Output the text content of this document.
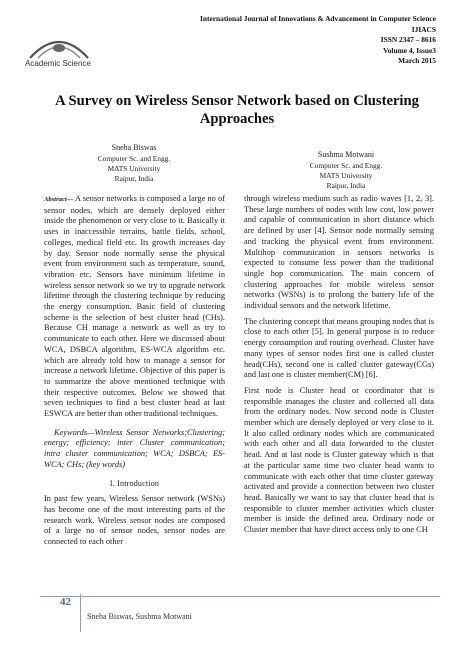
Academic Science
International Journal of Innovations & Advancement in Computer Science
IJIACS
ISSN 2347 – 8616
Volume 4, Issue3
March 2015
A Survey on Wireless Sensor Network based on Clustering Approaches
Sneha Biswas
Computer Sc. and Engg.
MATS University
Raipur, India
Sushma Motwani
Computer Sc. and Engg.
MATS University
Raipur, India

Abstract— A sensor networks is composed a large no of sensor nodes, which are densely deployed either inside the phenomenon or very close to it. Basically it uses in inaccessible terrains, battle fields, school, colleges, medical field etc. Its growth increases day by day. Sensor node normally sense the physical event from environment such as temperature, sound, vibration etc. Sensors have minimum lifetime in wireless sensor network so we try to upgrade network lifetime through the clustering technique by reducing the energy consumption. Basic field of clustering scheme is the selection of best cluster head (CHs). Because CH manage a network as well as try to communicate to each other. Here we discussed about WCA, DSBCA algorithm, ES-WCA algorithm etc. which are already told how to manage a sensor for increase a network lifetime. Objective of this paper is to summarize the above mentioned technique with their respective outcomes. Below we showed that seven techniques to find a best cluster head at last ESWCA are better than other traditional techniques.

Keywords—Wireless Sensor Networks;Clustering; energy; efficiency; inter Cluster communication; intra cluster communication; WCA; DSBCA; ES-WCA; CHs; (key words)

I. Introduction

In past few years, Wireless Sensor network (WSNs) has become one of the most interesting parts of the research work. Wireless sensor nodes are composed of a large no of sensor nodes, sensor nodes are connected to each other

through wireless medium such as radio waves [1, 2, 3]. These large numbers of nodes with low cost, low power and capable of communication in short distance which are defined by user [4]. Sensor node normally sensing and tracking the physical event from environment. Multihop communication in sensors networks is expected to consume less power than the traditional single hop communication. The main concern of clustering approaches for mobile wireless sensor networks (WSNs) is to prolong the battery life of the individual sensors and the network lifetime.

The clustering concept that means grouping nodes that is close to each other [5]. In general purpose is to reduce energy consumption and routing overhead. Cluster have many types of sensor nodes first one is called cluster head(CHs), second one is called cluster gateway(CGs) and last one is cluster member(CM) [6].

First node is Cluster head or coordinator that is responsible manages the cluster and collected all data from the ordinary nodes. Now second node is Cluster member which are densely deployed or very close to it. It also called ordinary nodes which are communicated with each other and all data forwarded to the cluster head. And at last node is Cluster gateway which is that at the particular same time two cluster head wants to communicate with each other that time cluster gateway activated and provide a connection between two cluster head. Basically we want to say that cluster head that is responsible to cluster member activities which cluster member is inside the defined area. Ordinary node or Cluster member that have direct access only to one CH

42
Sneha Biswas, Sushma Motwani
